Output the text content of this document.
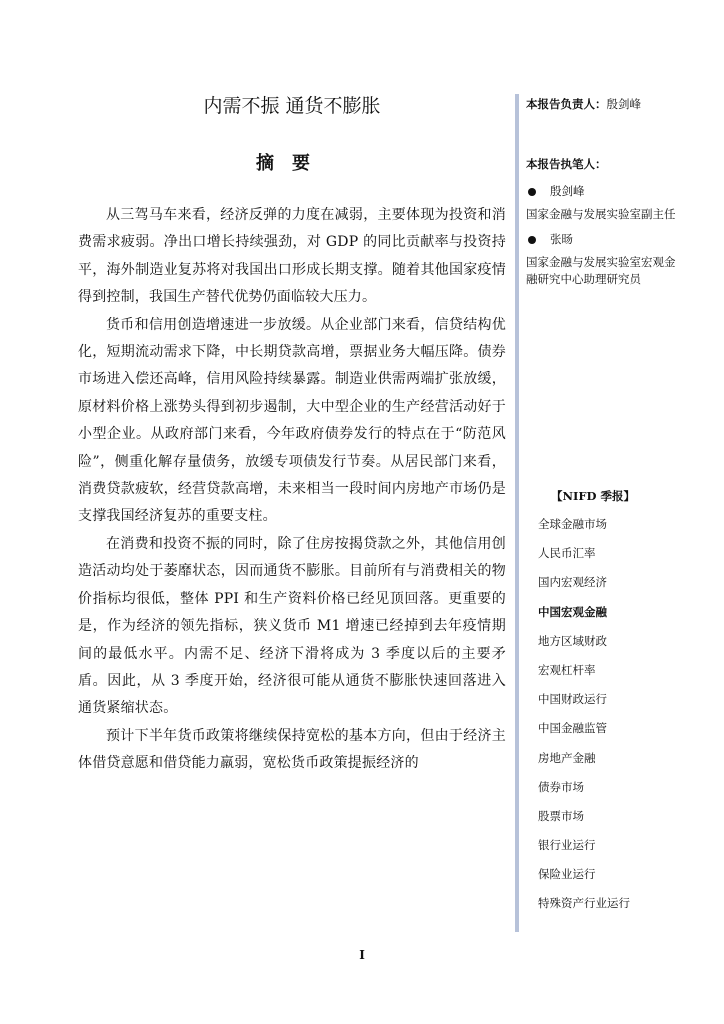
内需不振 通货不膨胀
摘要

从三驾马车来看，经济反弹的力度在减弱，主要体现为投资和消费需求疲弱。净出口增长持续强劲，对 GDP 的同比贡献率与投资持平，海外制造业复苏将对我国出口形成长期支撑。随着其他国家疫情得到控制，我国生产替代优势仍面临较大压力。

货币和信用创造增速进一步放缓。从企业部门来看，信贷结构优化，短期流动需求下降，中长期贷款高增，票据业务大幅压降。债券市场进入偿还高峰，信用风险持续暴露。制造业供需两端扩张放缓，原材料价格上涨势头得到初步遏制，大中型企业的生产经营活动好于小型企业。从政府部门来看，今年政府债券发行的特点在于“防范风险”，侧重化解存量债务，放缓专项债发行节奏。从居民部门来看，消费贷款疲软，经营贷款高增，未来相当一段时间内房地产市场仍是支撑我国经济复苏的重要支柱。

在消费和投资不振的同时，除了住房按揭贷款之外，其他信用创造活动均处于萎靡状态，因而通货不膨胀。目前所有与消费相关的物价指标均很低，整体 PPI 和生产资料价格已经见顶回落。更重要的是，作为经济的领先指标，狭义货币 M1 增速已经掉到去年疫情期间的最低水平。内需不足、经济下滑将成为 3 季度以后的主要矛盾。因此，从 3 季度开始，经济很可能从通货不膨胀快速回落进入通货紧缩状态。

预计下半年货币政策将继续保持宽松的基本方向，但由于经济主体借贷意愿和借贷能力羸弱，宽松货币政策提振经济的

本报告负责人：殷剑峰
本报告执笔人：
殷剑峰
国家金融与发展实验室副主任
张旸
国家金融与发展实验室宏观金融研究中心助理研究员
【NIFD 季报】
全球金融市场
人民币汇率
国内宏观经济
中国宏观金融
地方区域财政
宏观杠杆率
中国财政运行
中国金融监管
房地产金融
债券市场
股票市场
银行业运行
保险业运行
特殊资产行业运行
I
